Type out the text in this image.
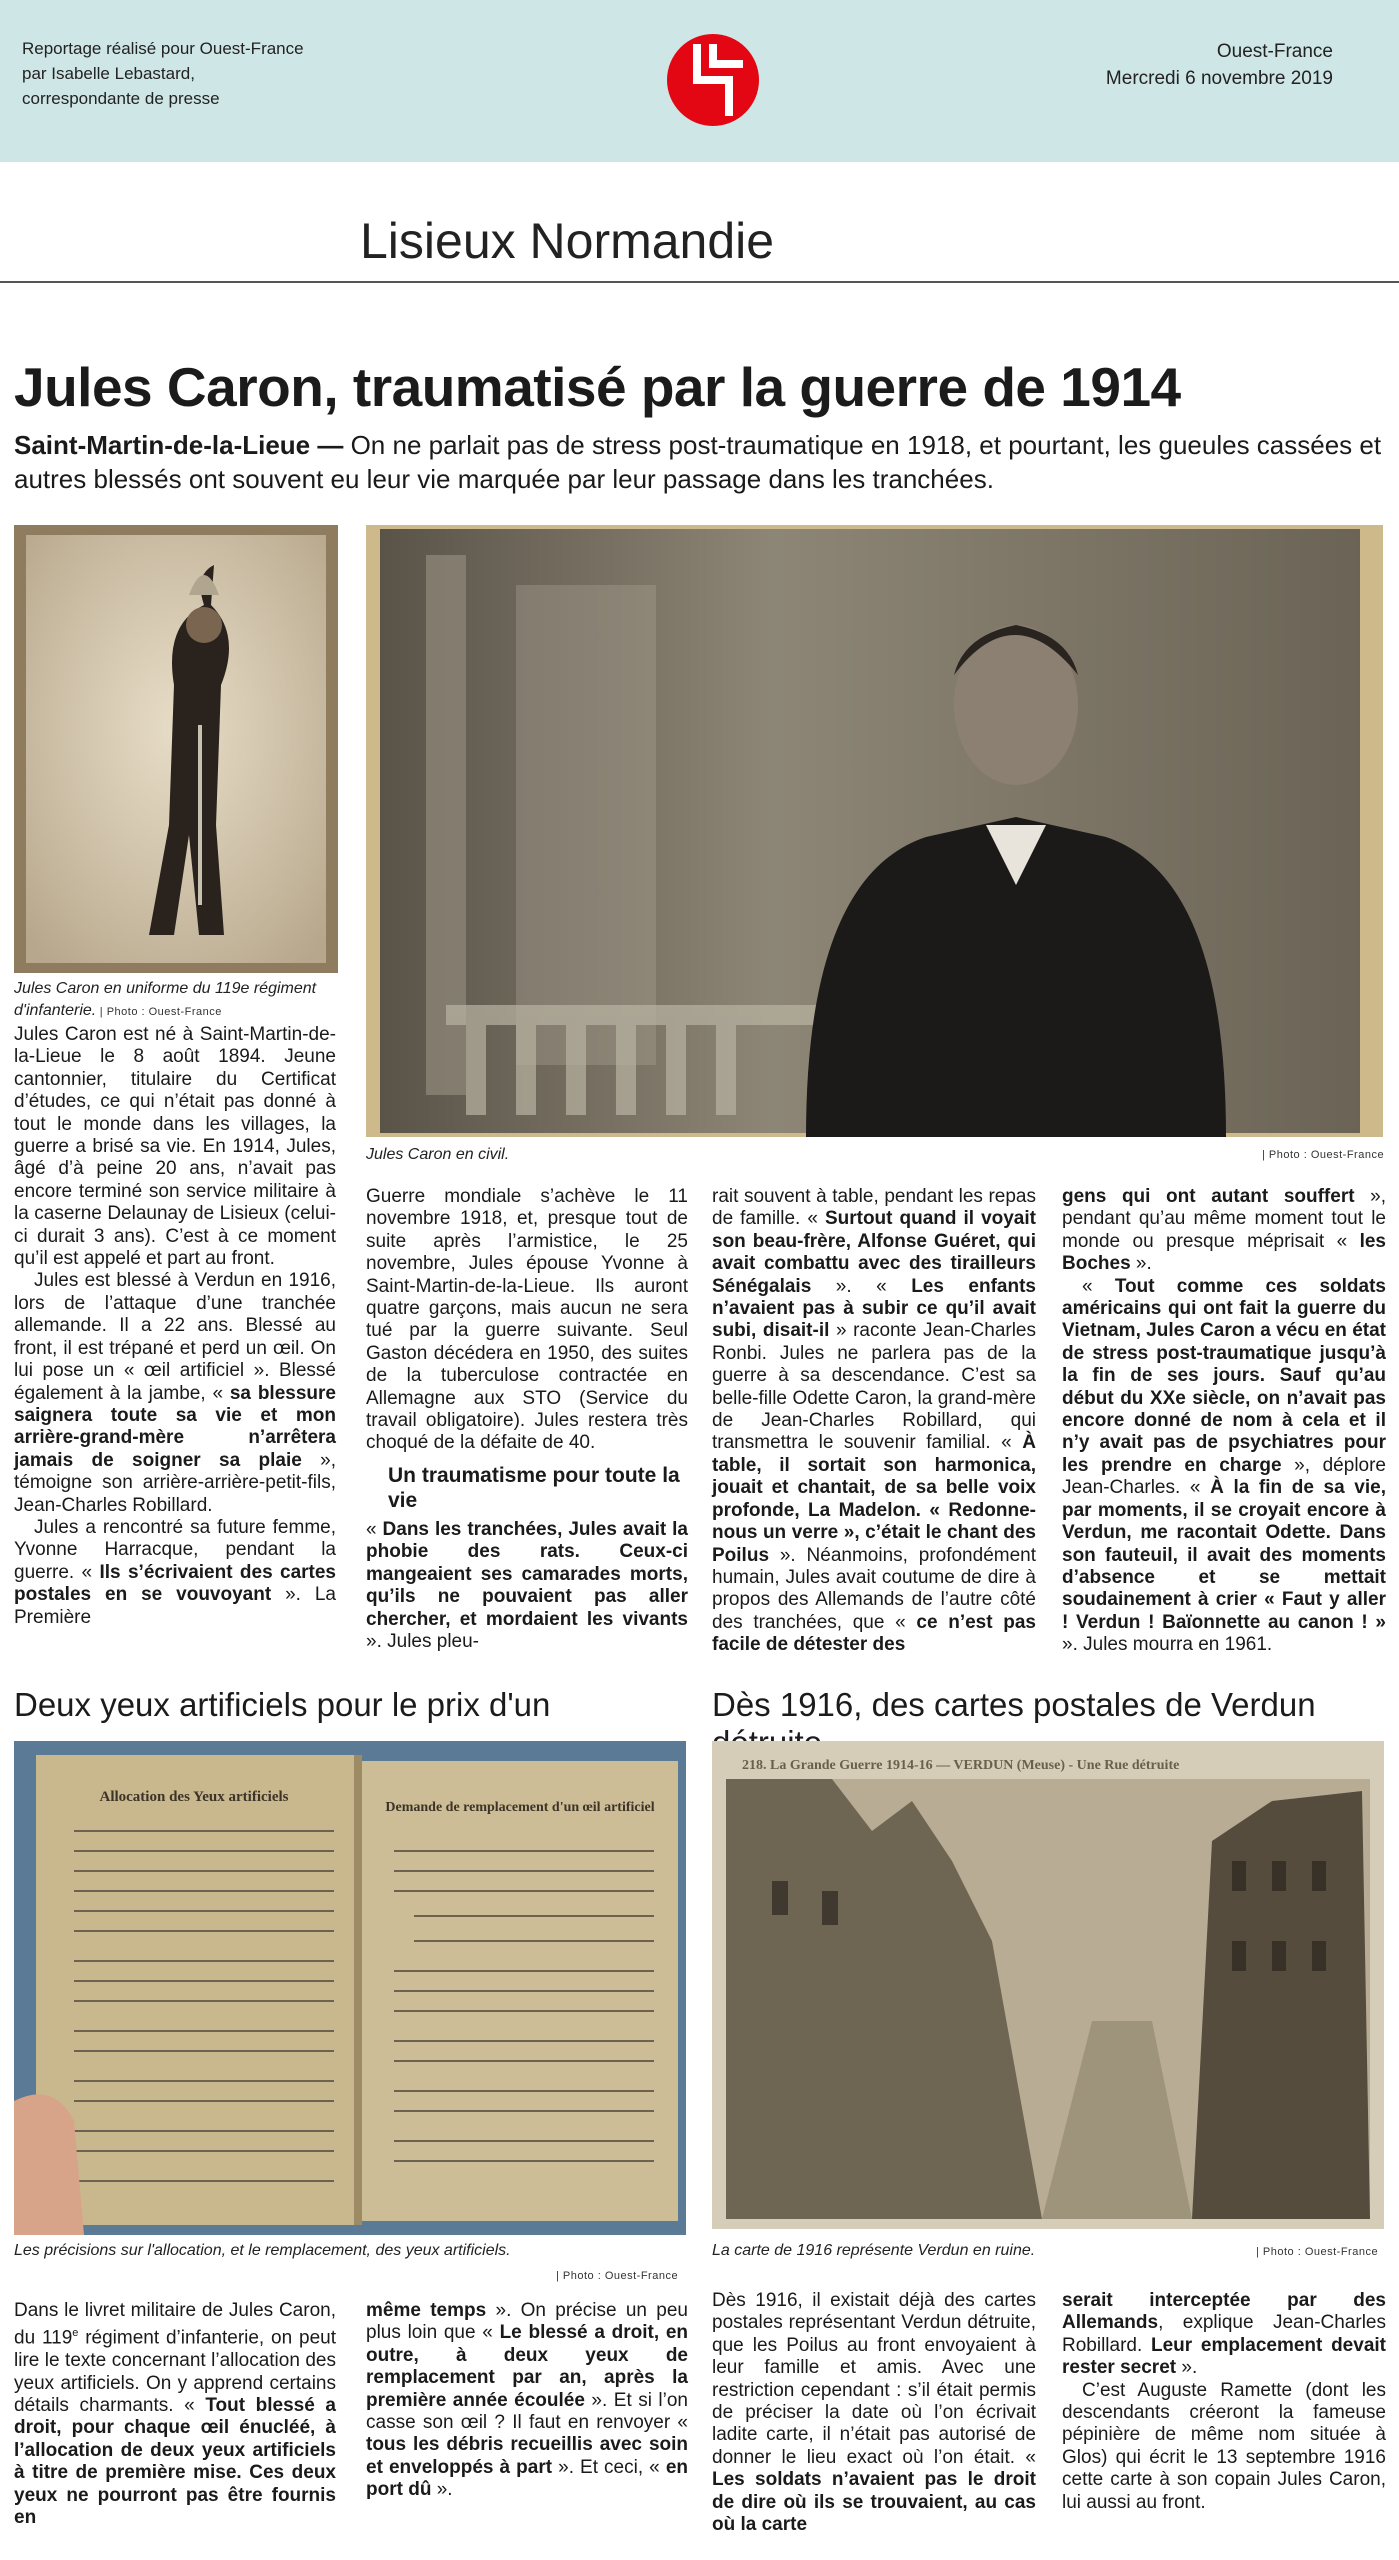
Reportage réalisé pour Ouest-France
par Isabelle Lebastard,
correspondante de presse
Ouest-France
Mercredi 6 novembre 2019
Lisieux Normandie
Jules Caron, traumatisé par la guerre de 1914
Saint-Martin-de-la-Lieue — On ne parlait pas de stress post-traumatique en 1918, et pourtant, les gueules cassées et autres blessés ont souvent eu leur vie marquée par leur passage dans les tranchées.
Jules Caron en uniforme du 119e régiment d'infanterie. | Photo : Ouest-France
Jules Caron en civil.	| Photo : Ouest-France

Jules Caron est né à Saint-Martin-de-la-Lieue le 8 août 1894. Jeune cantonnier, titulaire du Certificat d’études, ce qui n’était pas donné à tout le monde dans les villages, la guerre a brisé sa vie. En 1914, Jules, âgé d’à peine 20 ans, n’avait pas encore terminé son service militaire à la caserne Delaunay de Lisieux (celui-ci durait 3 ans). C’est à ce moment qu’il est appelé et part au front.

Jules est blessé à Verdun en 1916, lors de l’attaque d’une tranchée allemande. Il a 22 ans. Blessé au front, il est trépané et perd un œil. On lui pose un « œil artificiel ». Blessé également à la jambe, « sa blessure saignera toute sa vie et mon arrière-grand-mère n’arrêtera jamais de soigner sa plaie », témoigne son arrière-arrière-petit-fils, Jean-Charles Robillard.

Jules a rencontré sa future femme, Yvonne Harracque, pendant la guerre. « Ils s’écrivaient des cartes postales en se vouvoyant ». La Première

Guerre mondiale s’achève le 11 novembre 1918, et, presque tout de suite après l’armistice, le 25 novembre, Jules épouse Yvonne à Saint-Martin-de-la-Lieue. Ils auront quatre garçons, mais aucun ne sera tué par la guerre suivante. Seul Gaston décédera en 1950, des suites de la tuberculose contractée en Allemagne aux STO (Service du travail obligatoire). Jules restera très choqué de la défaite de 40.

Un traumatisme pour toute la vie

« Dans les tranchées, Jules avait la phobie des rats. Ceux-ci mangeaient ses camarades morts, qu’ils ne pouvaient pas aller chercher, et mordaient les vivants ». Jules pleu-

rait souvent à table, pendant les repas de famille. « Surtout quand il voyait son beau-frère, Alfonse Guéret, qui avait combattu avec des tirailleurs Sénégalais ». « Les enfants n’avaient pas à subir ce qu’il avait subi, disait-il » raconte Jean-Charles Ronbi. Jules ne parlera pas de la guerre à sa descendance. C’est sa belle-fille Odette Caron, la grand-mère de Jean-Charles Robillard, qui transmettra le souvenir familial. « À table, il sortait son harmonica, jouait et chantait, de sa belle voix profonde, La Madelon. « Redonne-nous un verre », c’était le chant des Poilus ». Néanmoins, profondément humain, Jules avait coutume de dire à propos des Allemands de l’autre côté des tranchées, que « ce n’est pas facile de détester des

gens qui ont autant souffert », pendant qu’au même moment tout le monde ou presque méprisait « les Boches ».

« Tout comme ces soldats américains qui ont fait la guerre du Vietnam, Jules Caron a vécu en état de stress post-traumatique jusqu’à la fin de ses jours. Sauf qu’au début du XXe siècle, on n’avait pas encore donné de nom à cela et il n’y avait pas de psychiatres pour les prendre en charge », déplore Jean-Charles. « À la fin de sa vie, par moments, il se croyait encore à Verdun, me racontait Odette. Dans son fauteuil, il avait des moments d’absence et se mettait soudainement à crier « Faut y aller ! Verdun ! Baïonnette au canon ! » ». Jules mourra en 1961.

Deux yeux artificiels pour le prix d'un	Dès 1916, des cartes postales de Verdun
Allocation des Yeux artificiels
Demande de remplacement d'un œil artificiel
Les précisions sur l'allocation, et le remplacement, des yeux artificiels.
| Photo : Ouest-France
218. La Grande Guerre 1914-16 — VERDUN (Meuse) - Une Rue détruite
La carte de 1916 représente Verdun en ruine.	| Photo : Ouest-France

Dans le livret militaire de Jules Caron, du 119e régiment d’infanterie, on peut lire le texte concernant l’allocation des yeux artificiels. On y apprend certains détails charmants. « Tout blessé a droit, pour chaque œil énucléé, à l’allocation de deux yeux artificiels à titre de première mise. Ces deux yeux ne pourront pas être fournis en

même temps ». On précise un peu plus loin que « Le blessé a droit, en outre, à deux yeux de remplacement par an, après la première année écoulée ». Et si l’on casse son œil ? Il faut en renvoyer « tous les débris recueillis avec soin et enveloppés à part ». Et ceci, « en port dû ».

Dès 1916, il existait déjà des cartes postales représentant Verdun détruite, que les Poilus au front envoyaient à leur famille et amis. Avec une restriction cependant : s’il était permis de préciser la date où l’on écrivait ladite carte, il n’était pas autorisé de donner le lieu exact où l’on était. « Les soldats n’avaient pas le droit de dire où ils se trouvaient, au cas où la carte

serait interceptée par des Allemands, explique Jean-Charles Robillard. Leur emplacement devait rester secret ».

C’est Auguste Ramette (dont les descendants créeront la fameuse pépinière de même nom située à Glos) qui écrit le 13 septembre 1916 cette carte à son copain Jules Caron, lui aussi au front.
